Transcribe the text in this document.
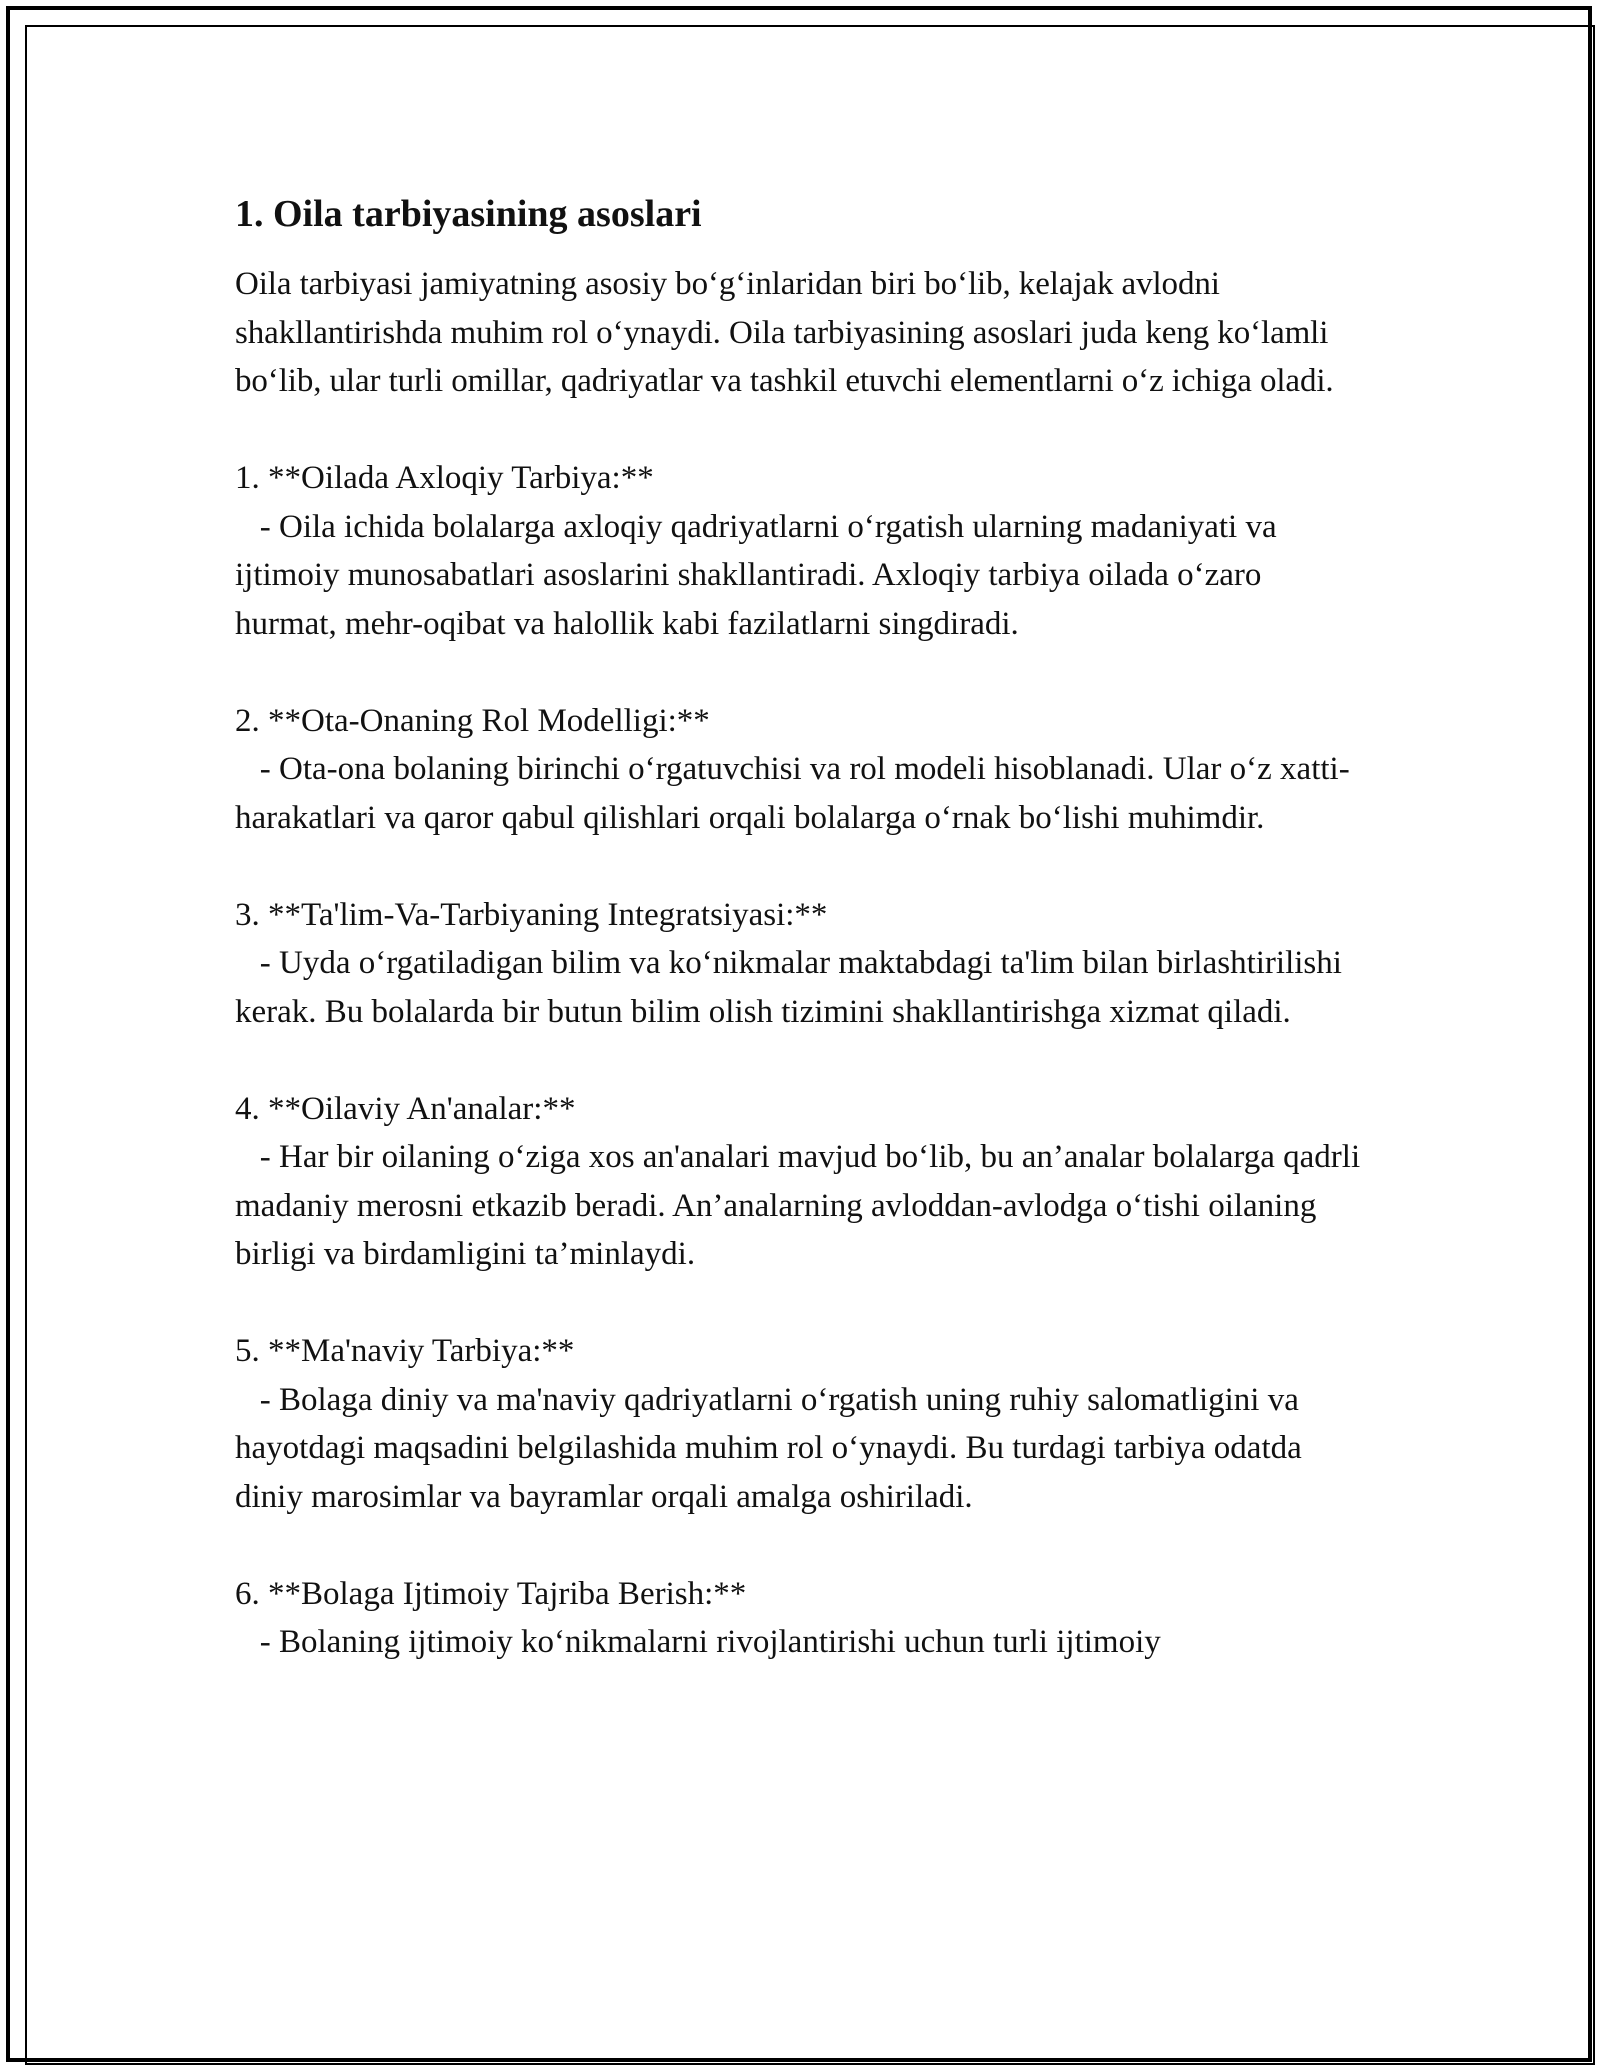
1. Oila tarbiyasining asoslari

Oila tarbiyasi jamiyatning asosiy bo‘g‘inlaridan biri bo‘lib, kelajak avlodni shakllantirishda muhim rol o‘ynaydi. Oila tarbiyasining asoslari juda keng ko‘lamli bo‘lib, ular turli omillar, qadriyatlar va tashkil etuvchi elementlarni o‘z ichiga oladi.

1. **Oilada Axloqiy Tarbiya:**

- Oila ichida bolalarga axloqiy qadriyatlarni o‘rgatish ularning madaniyati va ijtimoiy munosabatlari asoslarini shakllantiradi. Axloqiy tarbiya oilada o‘zaro hurmat, mehr-oqibat va halollik kabi fazilatlarni singdiradi.

2. **Ota-Onaning Rol Modelligi:**

- Ota-ona bolaning birinchi o‘rgatuvchisi va rol modeli hisoblanadi. Ular o‘z xatti-harakatlari va qaror qabul qilishlari orqali bolalarga o‘rnak bo‘lishi muhimdir.

3. **Ta'lim-Va-Tarbiyaning Integratsiyasi:**

- Uyda o‘rgatiladigan bilim va ko‘nikmalar maktabdagi ta'lim bilan birlashtirilishi kerak. Bu bolalarda bir butun bilim olish tizimini shakllantirishga xizmat qiladi.

4. **Oilaviy An'analar:**

- Har bir oilaning o‘ziga xos an'analari mavjud bo‘lib, bu an’analar bolalarga qadrli madaniy merosni etkazib beradi. An’analarning avloddan-avlodga o‘tishi oilaning birligi va birdamligini ta’minlaydi.

5. **Ma'naviy Tarbiya:**

- Bolaga diniy va ma'naviy qadriyatlarni o‘rgatish uning ruhiy salomatligini va hayotdagi maqsadini belgilashida muhim rol o‘ynaydi. Bu turdagi tarbiya odatda diniy marosimlar va bayramlar orqali amalga oshiriladi.

6. **Bolaga Ijtimoiy Tajriba Berish:**

- Bolaning ijtimoiy ko‘nikmalarni rivojlantirishi uchun turli ijtimoiy
